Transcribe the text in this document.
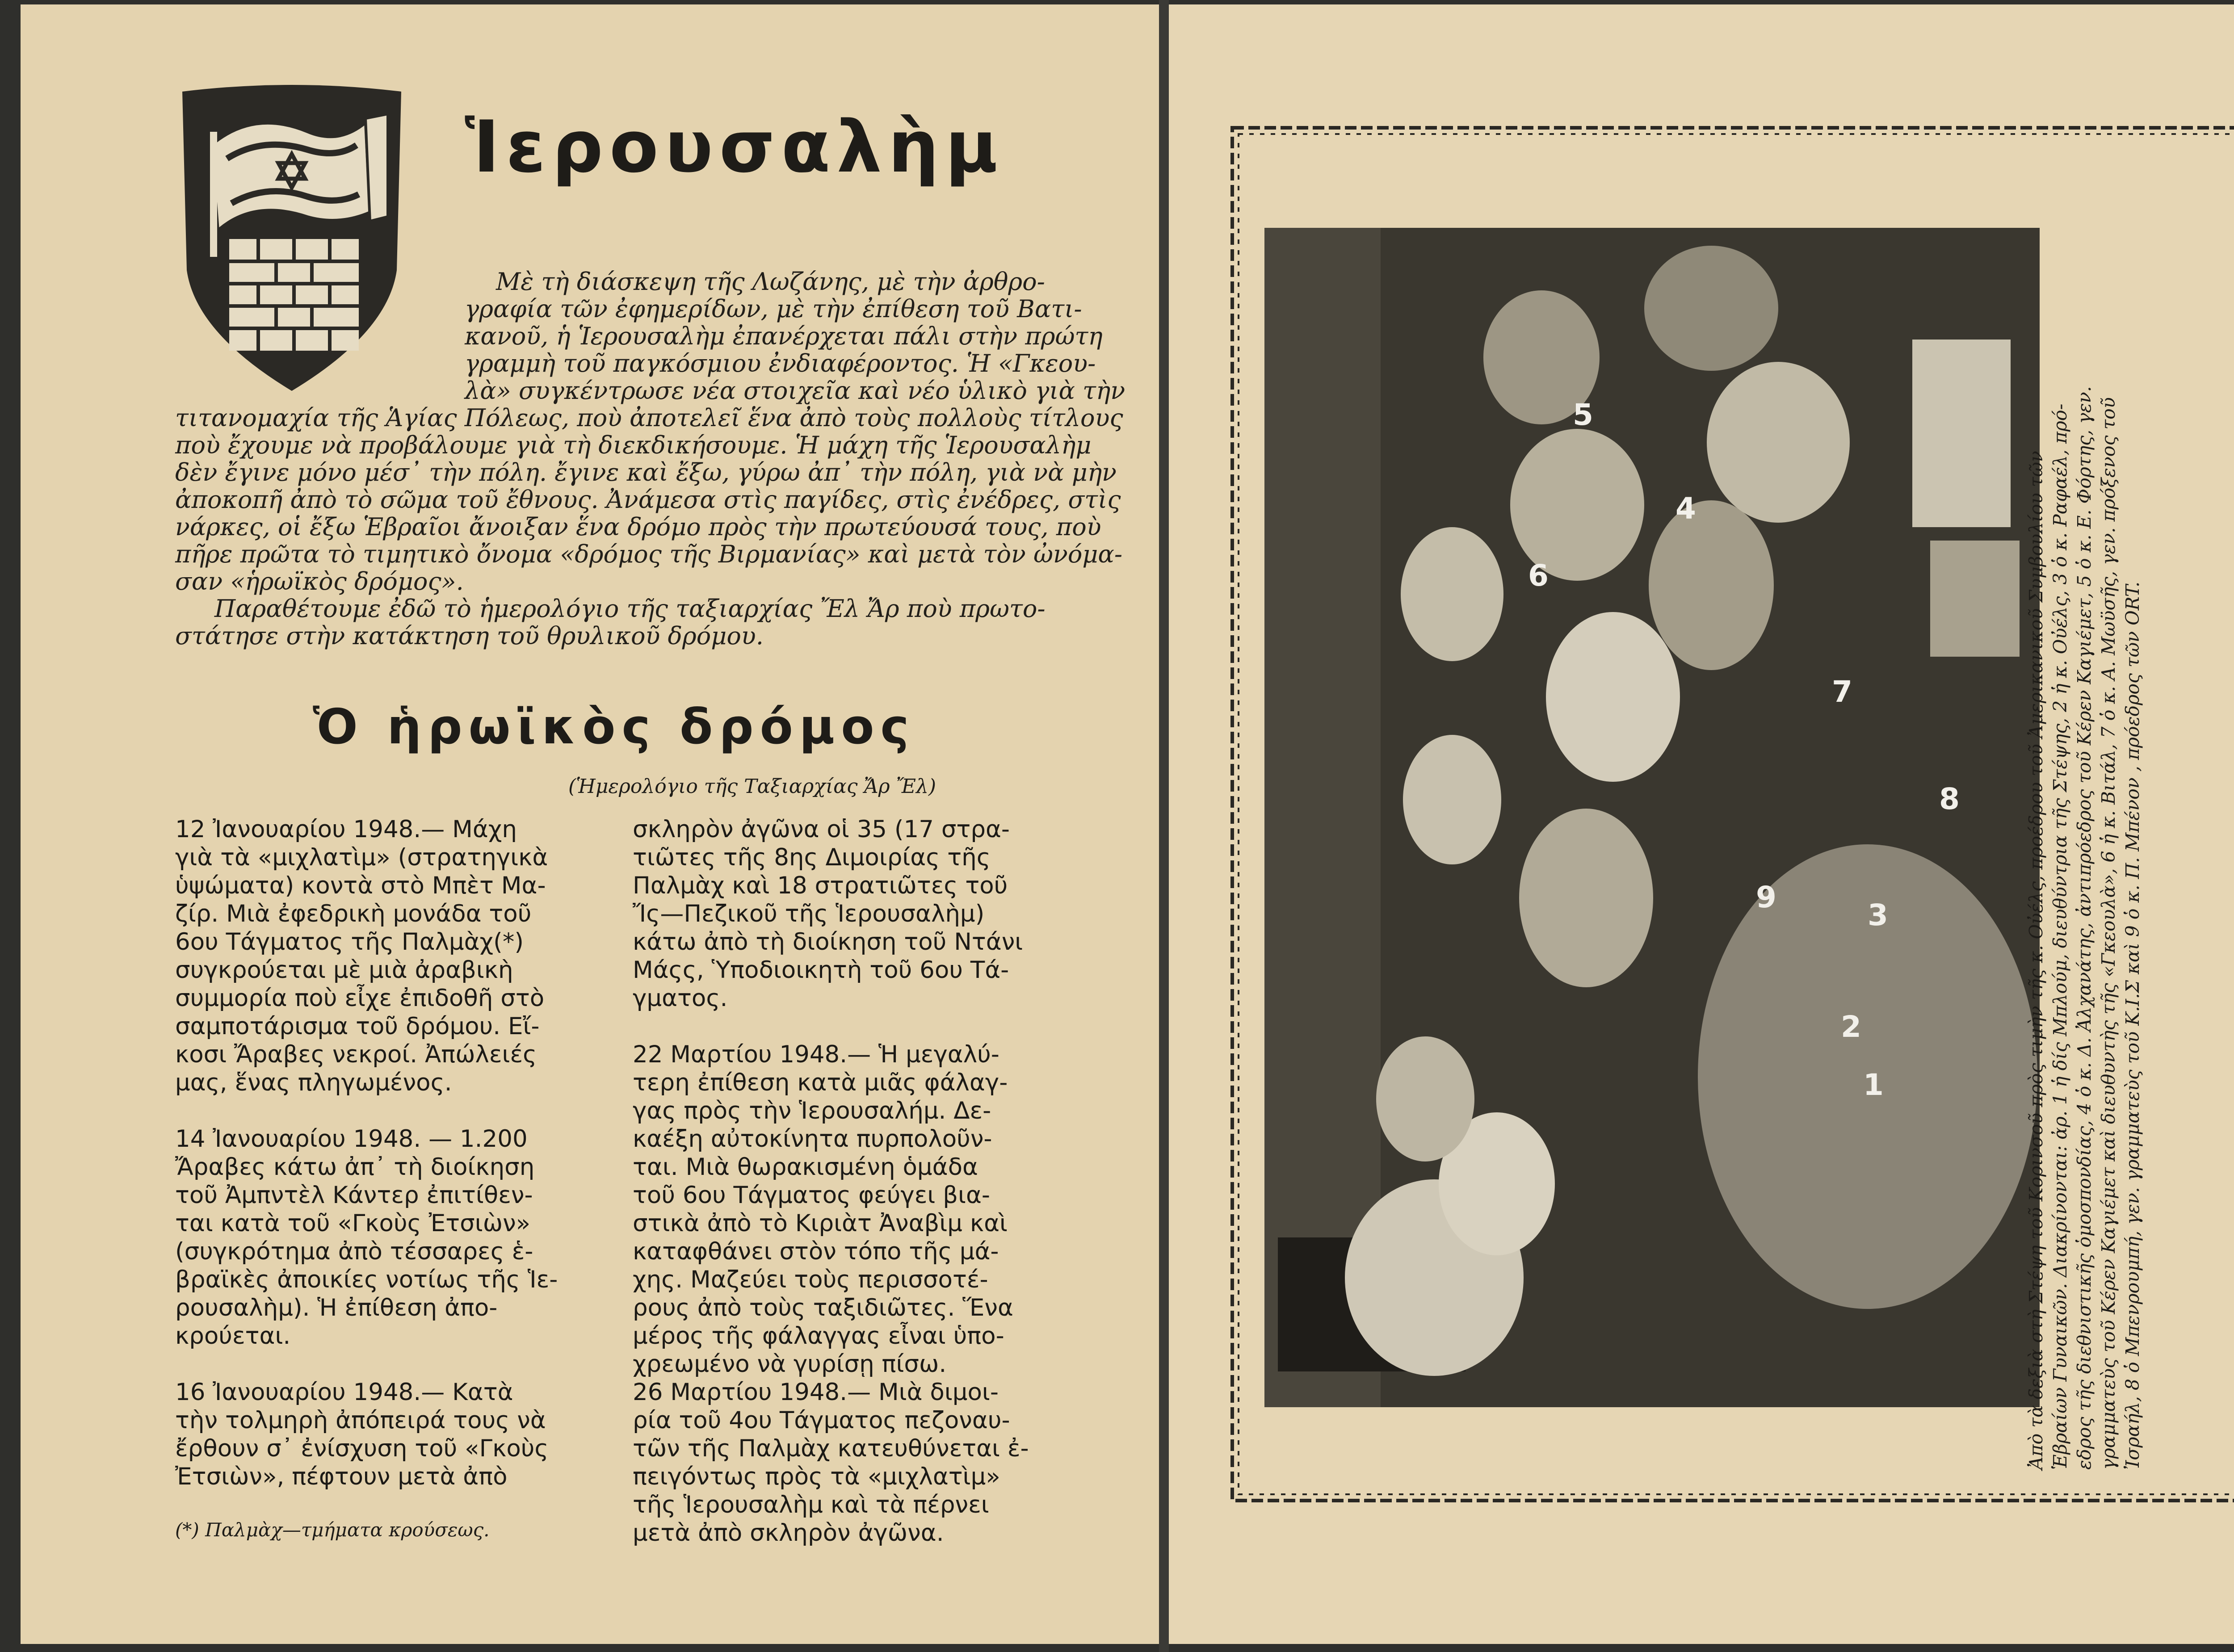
Ἱερουσαλὴμ
Μὲ τὴ διάσκεψη τῆς Λωζάνης, μὲ τὴν ἀρθρο-
γραφία τῶν ἐφημερίδων, μὲ τὴν ἐπίθεση τοῦ Βατι-
κανοῦ, ἡ Ἱερουσαλὴμ ἐπανέρχεται πάλι στὴν πρώτη
γραμμὴ τοῦ παγκόσμιου ἐνδιαφέροντος. Ἡ «Γκεου-
λὰ» συγκέντρωσε νέα στοιχεῖα καὶ νέο ὑλικὸ γιὰ τὴν
τιτανομαχία τῆς Ἁγίας Πόλεως, ποὺ ἀποτελεῖ ἕνα ἀπὸ τοὺς πολλοὺς τίτλους
ποὺ ἔχουμε νὰ προβάλουμε γιὰ τὴ διεκδικήσουμε. Ἡ μάχη τῆς Ἱερουσαλὴμ
δὲν ἔγινε μόνο μέσ᾽ τὴν πόλη. ἔγινε καὶ ἔξω, γύρω ἀπ᾽ τὴν πόλη, γιὰ νὰ μὴν
ἀποκοπῆ ἀπὸ τὸ σῶμα τοῦ ἔθνους. Ἀνάμεσα στὶς παγίδες, στὶς ἐνέδρες, στὶς
νάρκες, οἱ ἔξω Ἑβραῖοι ἄνοιξαν ἕνα δρόμο πρὸς τὴν πρωτεύουσά τους, ποὺ
πῆρε πρῶτα τὸ τιμητικὸ ὄνομα «δρόμος τῆς Βιρμανίας» καὶ μετὰ τὸν ὠνόμα-
σαν «ἡρωϊκὸς δρόμος».
Παραθέτουμε ἐδῶ τὸ ἡμερολόγιο τῆς ταξιαρχίας Ἔλ Ἄρ ποὺ πρωτο-
στάτησε στὴν κατάκτηση τοῦ θρυλικοῦ δρόμου.
Ὁ ἡρωϊκὸς δρόμος
(Ἡμερολόγιο τῆς Ταξιαρχίας Ἄρ Ἔλ)
12 Ἰανουαρίου 1948.— Μάχη
γιὰ τὰ «μιχλατὶμ» (στρατηγικὰ
ὑψώματα) κοντὰ στὸ Μπὲτ Μα-
ζίρ. Μιὰ ἐφεδρικὴ μονάδα τοῦ
6ου Τάγματος τῆς Παλμὰχ(*)
συγκρούεται μὲ μιὰ ἀραβικὴ
συμμορία ποὺ εἶχε ἐπιδοθῆ στὸ
σαμποτάρισμα τοῦ δρόμου. Εἴ-
κοσι Ἄραβες νεκροί. Ἀπώλειές
μας, ἕνας πληγωμένος.

14 Ἰανουαρίου 1948. — 1.200
Ἄραβες κάτω ἀπ᾽ τὴ διοίκηση
τοῦ Ἀμπντὲλ Κάντερ ἐπιτίθεν-
ται κατὰ τοῦ «Γκοὺς Ἐτσιὼν»
(συγκρότημα ἀπὸ τέσσαρες ἑ-
βραϊκὲς ἀποικίες νοτίως τῆς Ἱε-
ρουσαλὴμ). Ἡ ἐπίθεση ἀπο-
κρούεται.

16 Ἰανουαρίου 1948.— Κατὰ
τὴν τολμηρὴ ἀπόπειρά τους νὰ
ἔρθουν σ᾽ ἐνίσχυση τοῦ «Γκοὺς
Ἐτσιὼν», πέφτουν μετὰ ἀπὸ
σκληρὸν ἀγῶνα οἱ 35 (17 στρα-
τιῶτες τῆς 8ης Διμοιρίας τῆς
Παλμὰχ καὶ 18 στρατιῶτες τοῦ
Ἴς—Πεζικοῦ τῆς Ἱερουσαλὴμ)
κάτω ἀπὸ τὴ διοίκηση τοῦ Ντάνι
Μάςς, Ὑποδιοικητὴ τοῦ 6ου Τά-
γματος.

22 Μαρτίου 1948.— Ἡ μεγαλύ-
τερη ἐπίθεση κατὰ μιᾶς φάλαγ-
γας πρὸς τὴν Ἱερουσαλήμ. Δε-
καέξη αὐτοκίνητα πυρπολοῦν-
ται. Μιὰ θωρακισμένη ὁμάδα
τοῦ 6ου Τάγματος φεύγει βια-
στικὰ ἀπὸ τὸ Κιριὰτ Ἀναβὶμ καὶ
καταφθάνει στὸν τόπο τῆς μά-
χης. Μαζεύει τοὺς περισσοτέ-
ρους ἀπὸ τοὺς ταξιδιῶτες. Ἕνα
μέρος τῆς φάλαγγας εἶναι ὑπο-
χρεωμένο νὰ γυρίσῃ πίσω.
26 Μαρτίου 1948.— Μιὰ διμοι-
ρία τοῦ 4ου Τάγματος πεζοναυ-
τῶν τῆς Παλμὰχ κατευθύνεται ἐ-
πειγόντως πρὸς τὰ «μιχλατὶμ»
τῆς Ἱερουσαλὴμ καὶ τὰ πέρνει
μετὰ ἀπὸ σκληρὸν ἀγῶνα.
(*) Παλμὰχ—τμήματα κρούσεως.
1
2
3
4
5
6
7
8
9	Ἀπὸ τὰ δεξιὰ στὴ Στέψη τοῦ Κορινσοῦ πρὸς τιμὴν τῆς κ. Οὐέλς, προέδρου τοῦ Ἀμερικανικοῦ Συμβουλίου τῶν Ἑβραίων Γυναικῶν. Διακρίνονται: ἀρ. 1 ἡ δίς Μπλούμ, διευθύντρια τῆς Στέψης, 2 ἡ κ. Οὐέλς, 3 ὁ κ. Ραφαέλ, πρό- εδρος τῆς διεθνιστικῆς ὁμοσπονδίας, 4 ὁ κ. Δ. Ἀλχανάτης, ἀντιπρόεδρος τοῦ Κέρεν Καγιέμετ, 5 ὁ κ. Ε. Φόρτης, γεν. γραμματεὺς τοῦ Κέρεν Καγιέμετ καὶ διευθυντὴς τῆς «Γκεουλὰ», 6 ἡ κ. Βιτάλ, 7 ὁ κ. Α. Μωϋσῆς, γεν. πρόξενος τοῦ Ἰσραήλ, 8 ὁ Μπενρουμπή, γεν. γραμματεὺς τοῦ Κ.Ι.Σ καὶ 9 ὁ κ. Π. Μπένον , πρόεδρος τῶν ORT.
